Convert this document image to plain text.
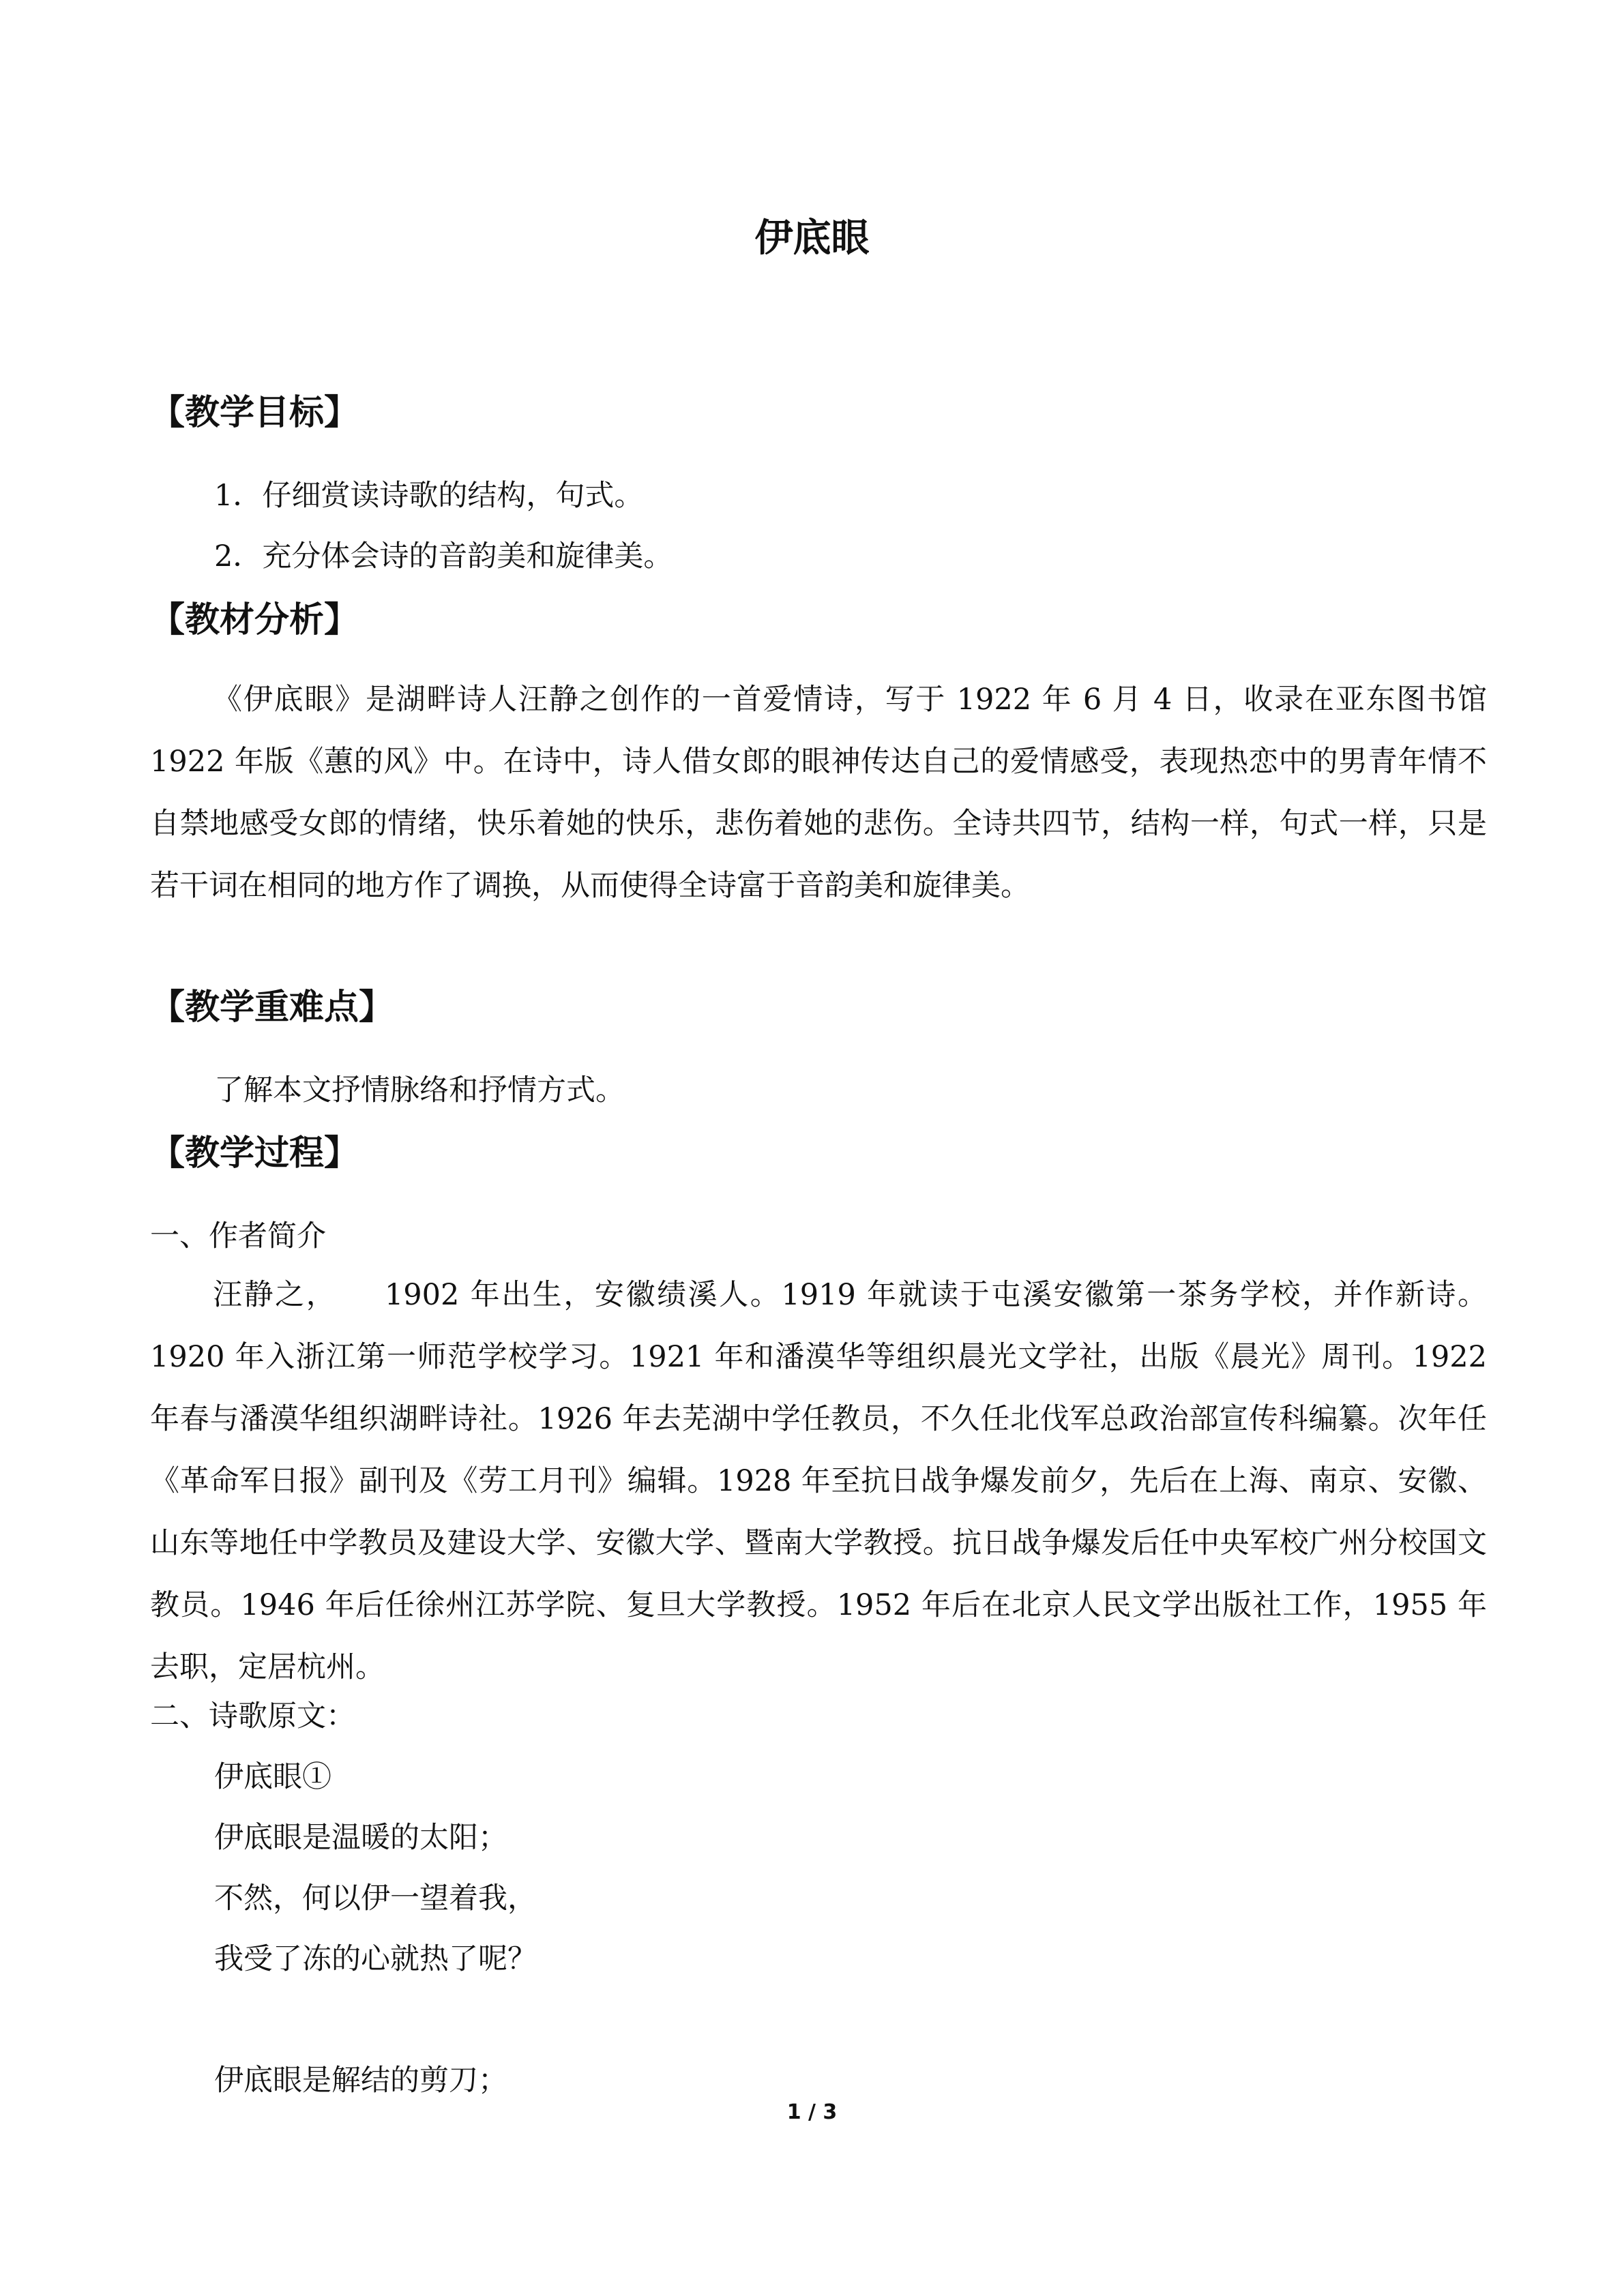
伊底眼
【教学目标】
1．仔细赏读诗歌的结构，句式。
2．充分体会诗的音韵美和旋律美。
【教材分析】
《伊底眼》是湖畔诗人汪静之创作的一首爱情诗，写于 1922 年 6 月 4 日，收录在亚东图书馆 1922 年版《蕙的风》中。在诗中，诗人借女郎的眼神传达自己的爱情感受，表现热恋中的男青年情不自禁地感受女郎的情绪，快乐着她的快乐，悲伤着她的悲伤。全诗共四节，结构一样，句式一样，只是若干词在相同的地方作了调换，从而使得全诗富于音韵美和旋律美。
【教学重难点】
了解本文抒情脉络和抒情方式。
【教学过程】
一、作者简介
汪静之，　　1902 年出生，安徽绩溪人。1919 年就读于屯溪安徽第一茶务学校，并作新诗。1920 年入浙江第一师范学校学习。1921 年和潘漠华等组织晨光文学社，出版《晨光》周刊。1922 年春与潘漠华组织湖畔诗社。1926 年去芜湖中学任教员，不久任北伐军总政治部宣传科编纂。次年任《革命军日报》副刊及《劳工月刊》编辑。1928 年至抗日战争爆发前夕，先后在上海、南京、安徽、山东等地任中学教员及建设大学、安徽大学、暨南大学教授。抗日战争爆发后任中央军校广州分校国文教员。1946 年后任徐州江苏学院、复旦大学教授。1952 年后在北京人民文学出版社工作，1955 年去职，定居杭州。
二、诗歌原文：
伊底眼①
伊底眼是温暖的太阳；
不然，何以伊一望着我，
我受了冻的心就热了呢？
伊底眼是解结的剪刀；
1 / 3
